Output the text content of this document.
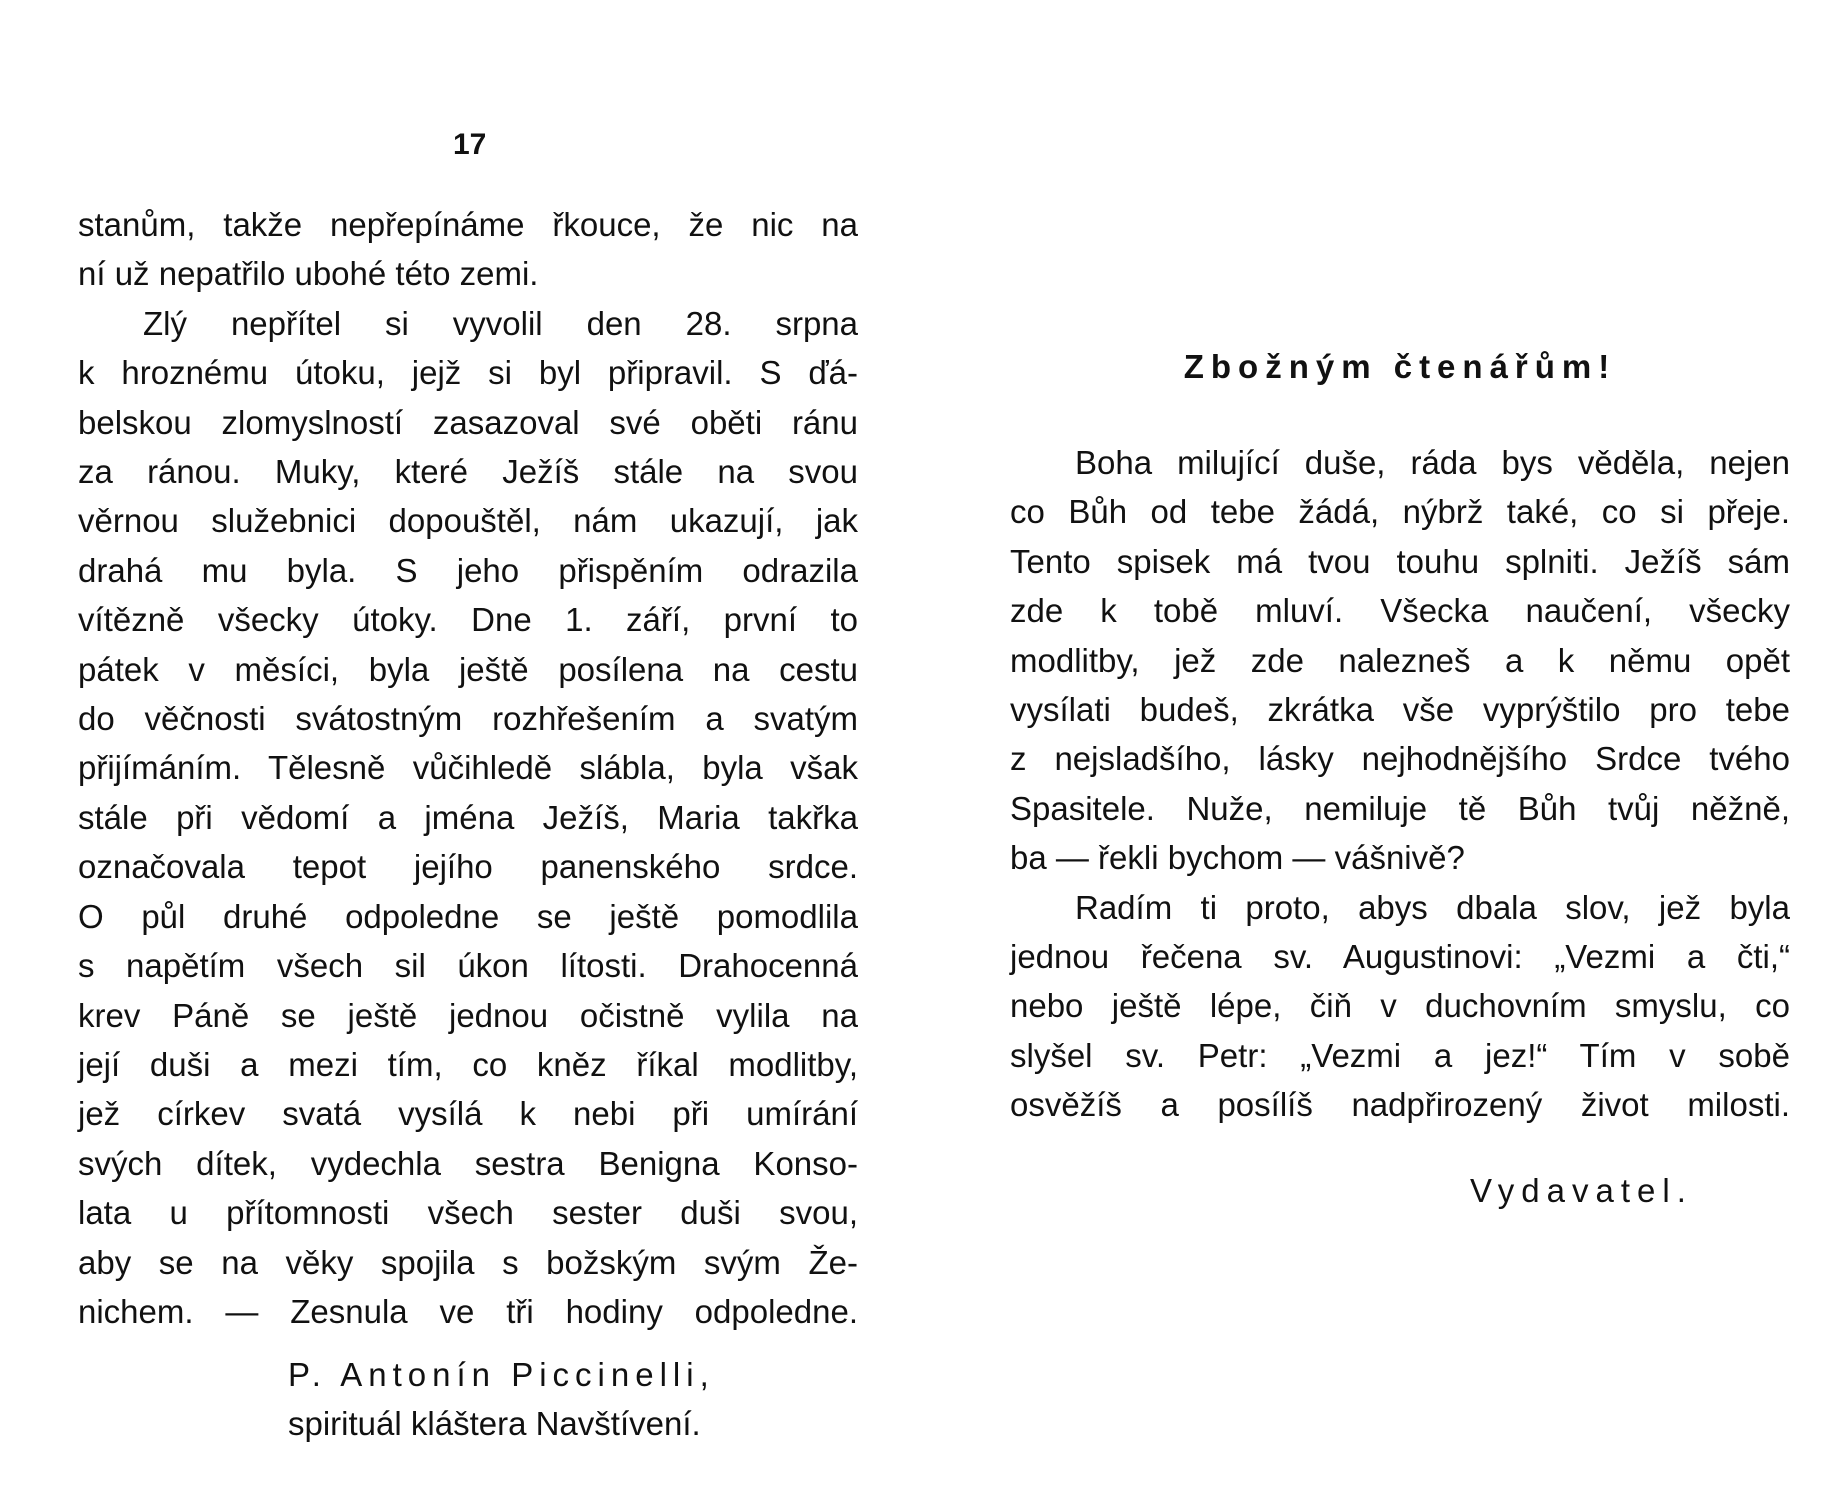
17
stanům, takže nepřepínáme řkouce, že nic na
ní už nepatřilo ubohé této zemi.
Zlý nepřítel si vyvolil den 28. srpna
k hroznému útoku, jejž si byl připravil. S ďá-
belskou zlomyslností zasazoval své oběti ránu
za ránou. Muky, které Ježíš stále na svou
věrnou služebnici dopouštěl, nám ukazují, jak
drahá mu byla. S jeho přispěním odrazila
vítězně všecky útoky. Dne 1. září, první to
pátek v měsíci, byla ještě posílena na cestu
do věčnosti svátostným rozhřešením a svatým
přijímáním. Tělesně vůčihledě slábla, byla však
stále při vědomí a jména Ježíš, Maria takřka
označovala tepot jejího panenského srdce.
O půl druhé odpoledne se ještě pomodlila
s napětím všech sil úkon lítosti. Drahocenná
krev Páně se ještě jednou očistně vylila na
její duši a mezi tím, co kněz říkal modlitby,
jež církev svatá vysílá k nebi při umírání
svých dítek, vydechla sestra Benigna Konso-
lata u přítomnosti všech sester duši svou,
aby se na věky spojila s božským svým Že-
nichem. — Zesnula ve tři hodiny odpoledne.
P. Antonín Piccinelli,
spirituál kláštera Navštívení.
Zbožným čtenářům!
Boha milující duše, ráda bys věděla, nejen
co Bůh od tebe žádá, nýbrž také, co si přeje.
Tento spisek má tvou touhu splniti. Ježíš sám
zde k tobě mluví. Všecka naučení, všecky
modlitby, jež zde nalezneš a k němu opět
vysílati budeš, zkrátka vše vyprýštilo pro tebe
z nejsladšího, lásky nejhodnějšího Srdce tvého
Spasitele. Nuže, nemiluje tě Bůh tvůj něžně,
ba — řekli bychom — vášnivě?
Radím ti proto, abys dbala slov, jež byla
jednou řečena sv. Augustinovi: „Vezmi a čti,“
nebo ještě lépe, čiň v duchovním smyslu, co
slyšel sv. Petr: „Vezmi a jez!“ Tím v sobě
osvěžíš a posílíš nadpřirozený život milosti.
Vydavatel.
